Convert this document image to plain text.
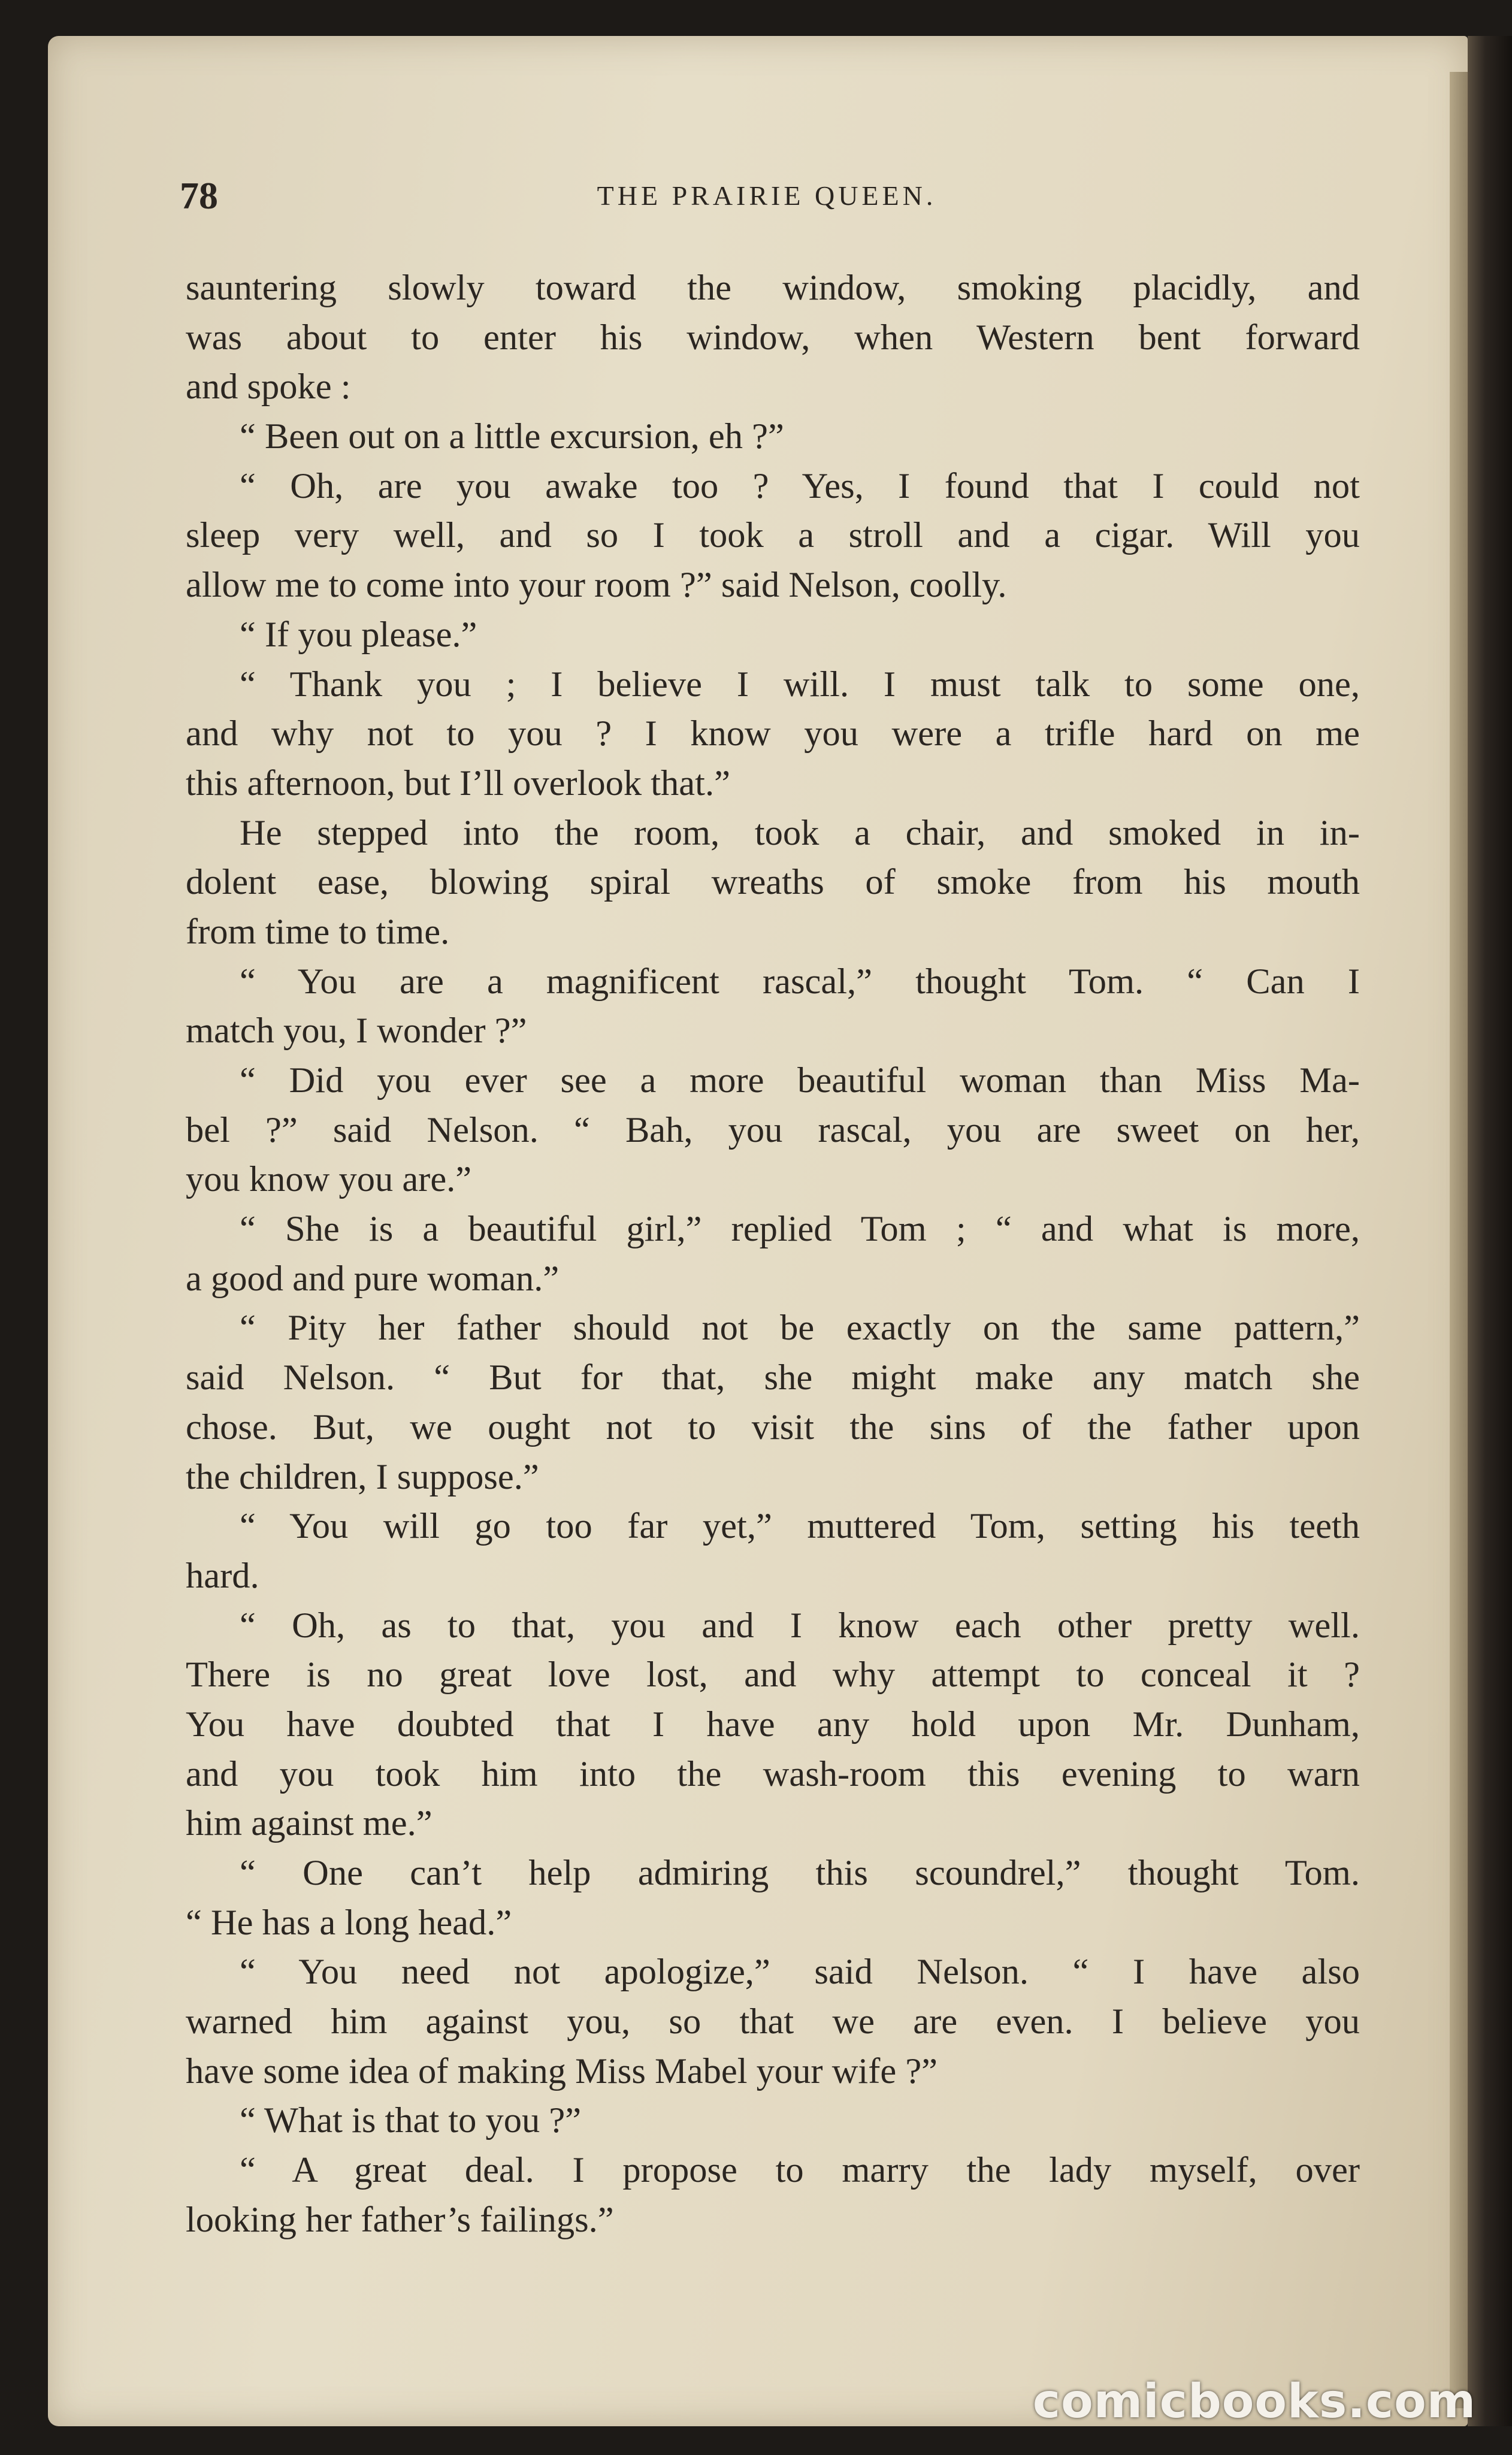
78	THE PRAIRIE QUEEN.
sauntering slowly toward the window, smoking placidly, and
was about to enter his window, when Western bent forward
and spoke :
“ Been out on a little excursion, eh ?”
“ Oh, are you awake too ? Yes, I found that I could not
sleep very well, and so I took a stroll and a cigar. Will you
allow me to come into your room ?” said Nelson, coolly.
“ If you please.”
“ Thank you ; I believe I will. I must talk to some one,
and why not to you ? I know you were a trifle hard on me
this afternoon, but I’ll overlook that.”
He stepped into the room, took a chair, and smoked in in-
dolent ease, blowing spiral wreaths of smoke from his mouth
from time to time.
“ You are a magnificent rascal,” thought Tom. “ Can I
match you, I wonder ?”
“ Did you ever see a more beautiful woman than Miss Ma-
bel ?” said Nelson. “ Bah, you rascal, you are sweet on her,
you know you are.”
“ She is a beautiful girl,” replied Tom ; “ and what is more,
a good and pure woman.”
“ Pity her father should not be exactly on the same pattern,”
said Nelson. “ But for that, she might make any match she
chose. But, we ought not to visit the sins of the father upon
the children, I suppose.”
“ You will go too far yet,” muttered Tom, setting his teeth
hard.
“ Oh, as to that, you and I know each other pretty well.
There is no great love lost, and why attempt to conceal it ?
You have doubted that I have any hold upon Mr. Dunham,
and you took him into the wash-room this evening to warn
him against me.”
“ One can’t help admiring this scoundrel,” thought Tom.
“ He has a long head.”
“ You need not apologize,” said Nelson. “ I have also
warned him against you, so that we are even. I believe you
have some idea of making Miss Mabel your wife ?”
“ What is that to you ?”
“ A great deal. I propose to marry the lady myself, over
looking her father’s failings.”
comicbooks.com
